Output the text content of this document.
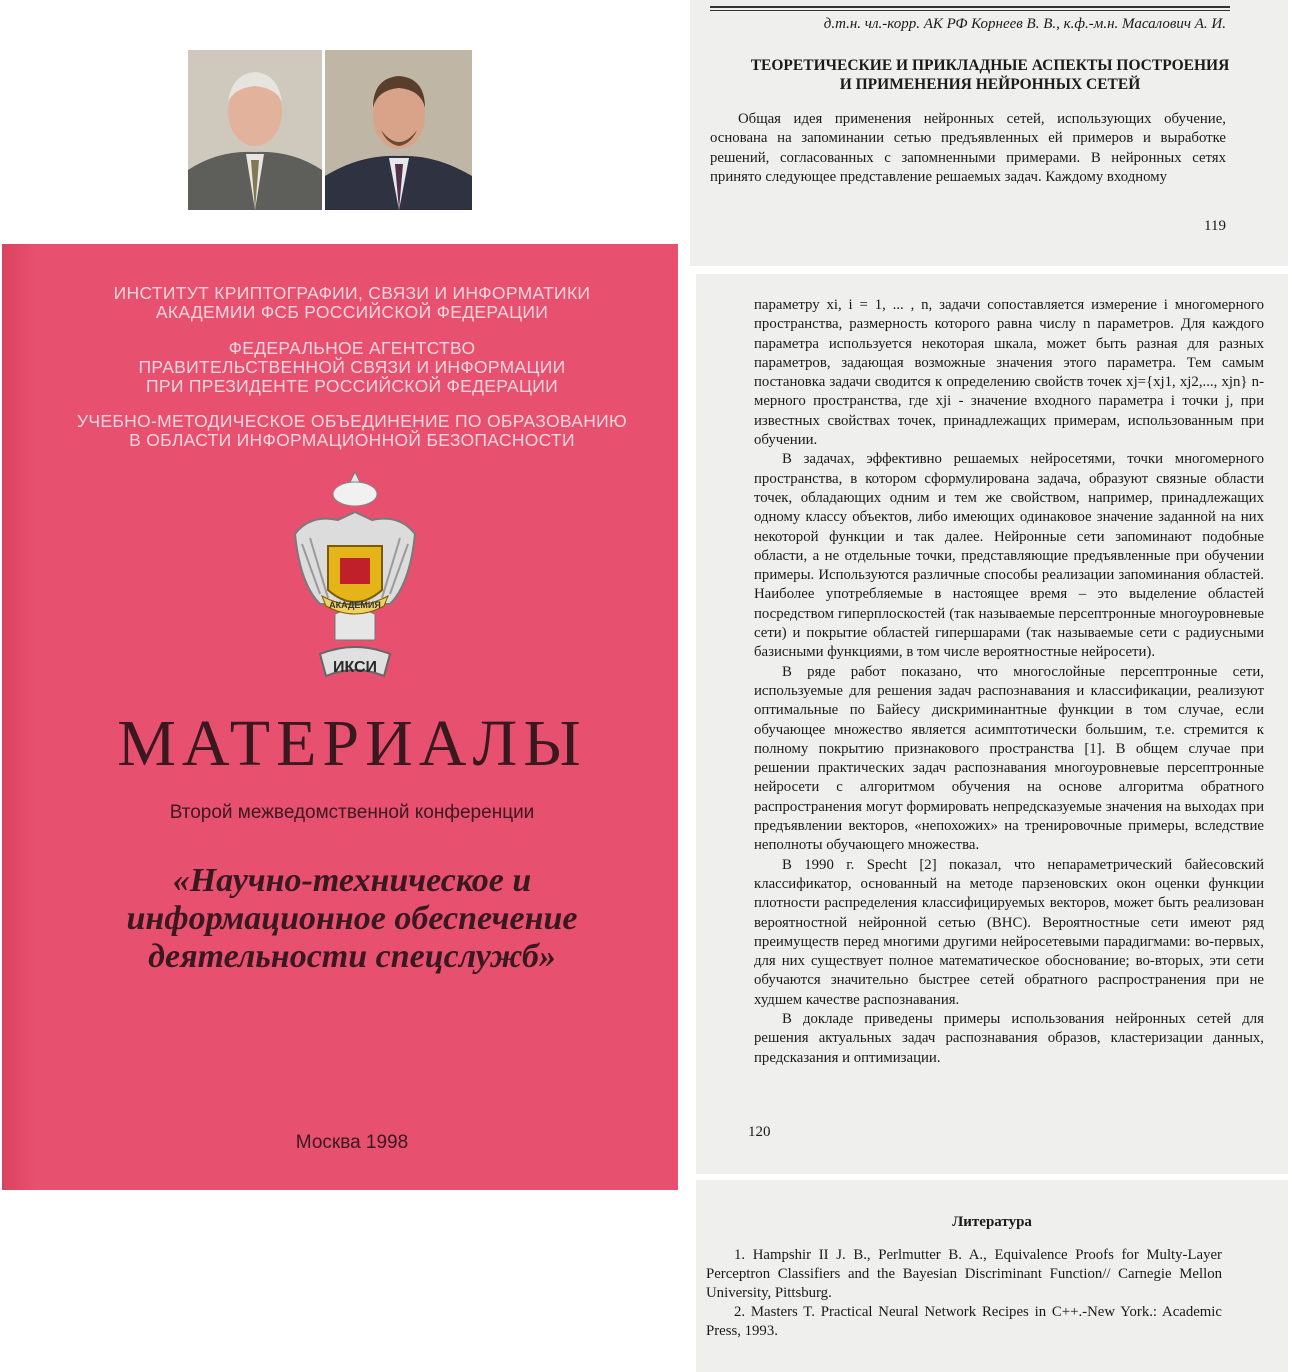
ИНСТИТУТ КРИПТОГРАФИИ, СВЯЗИ И ИНФОРМАТИКИ
АКАДЕМИИ ФСБ РОССИЙСКОЙ ФЕДЕРАЦИИ
ФЕДЕРАЛЬНОЕ АГЕНТСТВО
ПРАВИТЕЛЬСТВЕННОЙ СВЯЗИ И ИНФОРМАЦИИ
ПРИ ПРЕЗИДЕНТЕ РОССИЙСКОЙ ФЕДЕРАЦИИ
УЧЕБНО-МЕТОДИЧЕСКОЕ ОБЪЕДИНЕНИЕ ПО ОБРАЗОВАНИЮ
В ОБЛАСТИ ИНФОРМАЦИОННОЙ БЕЗОПАСНОСТИ
АКАДЕМИЯ
ИКСИ
МАТЕРИАЛЫ
Второй межведомственной конференции
«Научно-техническое и
информационное обеспечение
деятельности спецслужб»
Москва 1998
д.т.н. чл.-корр. АК РФ Корнеев В. В., к.ф.-м.н. Масалович А. И.
ТЕОРЕТИЧЕСКИЕ И ПРИКЛАДНЫЕ АСПЕКТЫ ПОСТРОЕНИЯ
И ПРИМЕНЕНИЯ НЕЙРОННЫХ СЕТЕЙ

Общая идея применения нейронных сетей, использующих обучение, основана на запоминании сетью предъявленных ей примеров и выработке решений, согласованных с запомненными примерами. В нейронных сетях принято следующее представление решаемых задач. Каждому входному

119

параметру xi, i = 1, ... , n, задачи сопоставляется измерение i многомерного пространства, размерность которого равна числу n параметров. Для каждого параметра используется некоторая шкала, может быть разная для разных параметров, задающая возможные значения этого параметра. Тем самым постановка задачи сводится к определению свойств точек xj={xj1, xj2,..., xjn} n-мерного пространства, где xji - значение входного параметра i точки j, при известных свойствах точек, принадлежащих примерам, использованным при обучении.

В задачах, эффективно решаемых нейросетями, точки многомерного пространства, в котором сформулирована задача, образуют связные области точек, обладающих одним и тем же свойством, например, принадлежащих одному классу объектов, либо имеющих одинаковое значение заданной на них некоторой функции и так далее. Нейронные сети запоминают подобные области, а не отдельные точки, представляющие предъявленные при обучении примеры. Используются различные способы реализации запоминания областей. Наиболее употребляемые в настоящее время – это выделение областей посредством гиперплоскостей (так называемые персептронные многоуровневые сети) и покрытие областей гипершарами (так называемые сети с радиусными базисными функциями, в том числе вероятностные нейросети).

В ряде работ показано, что многослойные персептронные сети, используемые для решения задач распознавания и классификации, реализуют оптимальные по Байесу дискриминантные функции в том случае, если обучающее множество является асимптотически большим, т.е. стремится к полному покрытию признакового пространства [1]. В общем случае при решении практических задач распознавания многоуровневые персептронные нейросети с алгоритмом обучения на основе алгоритма обратного распространения могут формировать непредсказуемые значения на выходах при предъявлении векторов, «непохожих» на тренировочные примеры, вследствие неполноты обучающего множества.

В 1990 г. Specht [2] показал, что непараметрический байесовский классификатор, основанный на методе парзеновских окон оценки функции плотности распределения классифицируемых векторов, может быть реализован вероятностной нейронной сетью (ВНС). Вероятностные сети имеют ряд преимуществ перед многими другими нейросетевыми парадигмами: во-первых, для них существует полное математическое обоснование; во-вторых, эти сети обучаются значительно быстрее сетей обратного распространения при не худшем качестве распознавания.

В докладе приведены примеры использования нейронных сетей для решения актуальных задач распознавания образов, кластеризации данных, предсказания и оптимизации.

120
Литература

1. Hampshir II J. B., Perlmutter B. A., Equivalence Proofs for Multy-Layer Perceptron Classifiers and the Bayesian Discriminant Function// Carnegie Mellon University, Pittsburg.

2. Masters T. Practical Neural Network Recipes in C++.-New York.: Academic Press, 1993.
